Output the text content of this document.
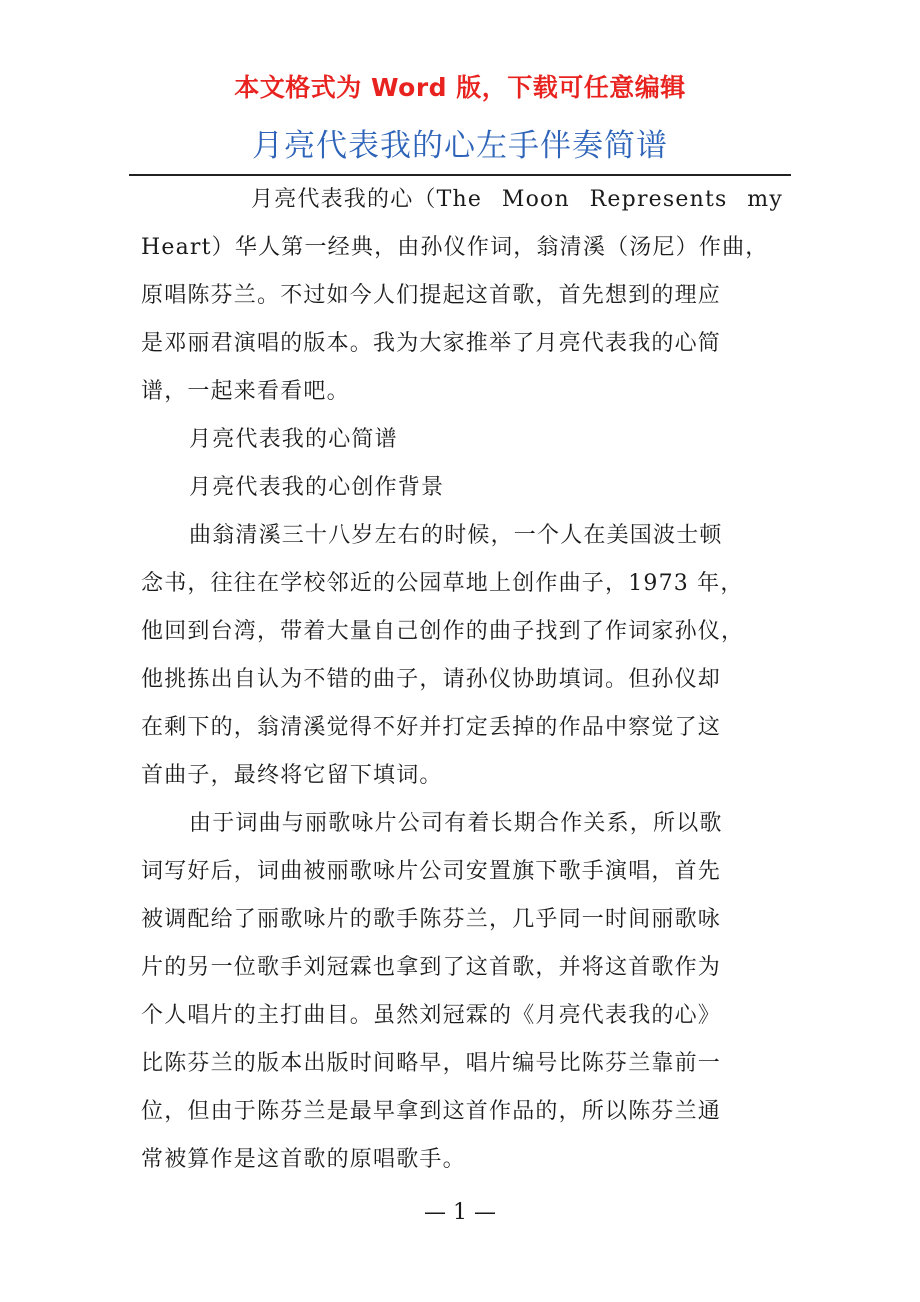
本文格式为 Word 版，下载可任意编辑
月亮代表我的心左手伴奏简谱

月亮代表我的心（The Moon Represents my
Heart）华人第一经典，由孙仪作词，翁清溪（汤尼）作曲，
原唱陈芬兰。不过如今人们提起这首歌，首先想到的理应
是邓丽君演唱的版本。我为大家推举了月亮代表我的心简
谱，一起来看看吧。

月亮代表我的心简谱

月亮代表我的心创作背景

曲翁清溪三十八岁左右的时候，一个人在美国波士顿
念书，往往在学校邻近的公园草地上创作曲子，1973 年，
他回到台湾，带着大量自己创作的曲子找到了作词家孙仪，
他挑拣出自认为不错的曲子，请孙仪协助填词。但孙仪却
在剩下的，翁清溪觉得不好并打定丢掉的作品中察觉了这
首曲子，最终将它留下填词。

由于词曲与丽歌咏片公司有着长期合作关系，所以歌
词写好后，词曲被丽歌咏片公司安置旗下歌手演唱，首先
被调配给了丽歌咏片的歌手陈芬兰，几乎同一时间丽歌咏
片的另一位歌手刘冠霖也拿到了这首歌，并将这首歌作为
个人唱片的主打曲目。虽然刘冠霖的《月亮代表我的心》
比陈芬兰的版本出版时间略早，唱片编号比陈芬兰靠前一
位，但由于陈芬兰是最早拿到这首作品的，所以陈芬兰通
常被算作是这首歌的原唱歌手。

— 1 —
